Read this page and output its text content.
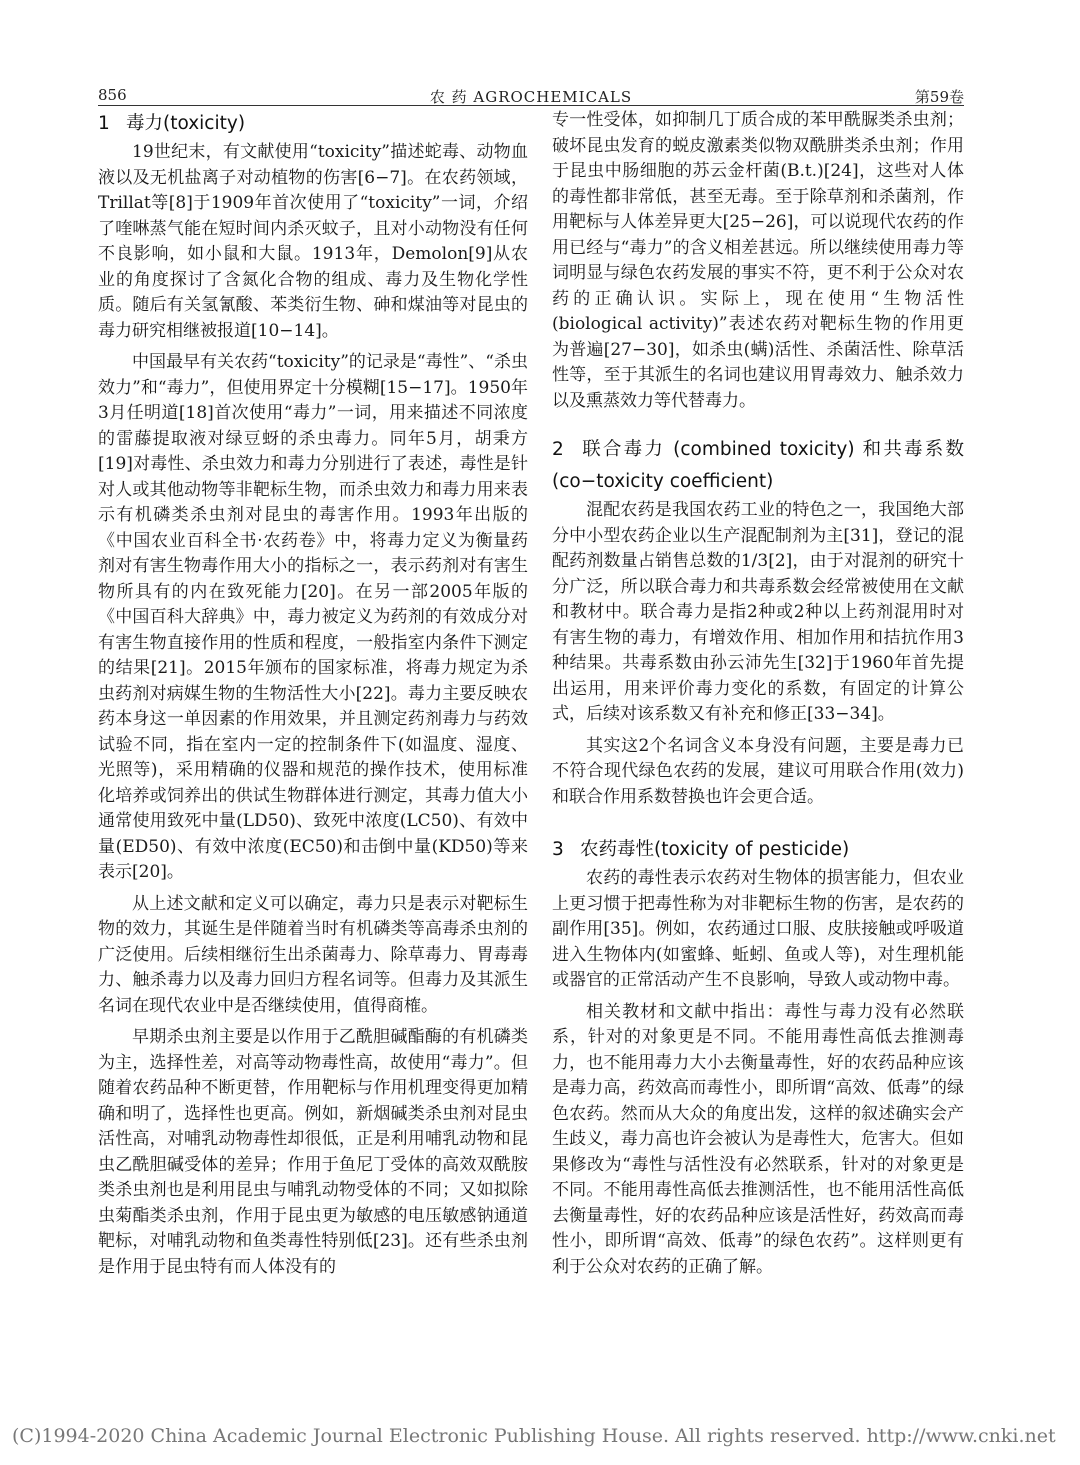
856	农 药 AGROCHEMICALS	第59卷
1 毒力(toxicity)

19世纪末，有文献使用“toxicity”描述蛇毒、动物血液以及无机盐离子对动植物的伤害[6−7]。在农药领域，Trillat等[8]于1909年首次使用了“toxicity”一词，介绍了喹啉蒸气能在短时间内杀灭蚊子，且对小动物没有任何不良影响，如小鼠和大鼠。1913年，Demolon[9]从农业的角度探讨了含氮化合物的组成、毒力及生物化学性质。随后有关氢氰酸、苯类衍生物、砷和煤油等对昆虫的毒力研究相继被报道[10−14]。

中国最早有关农药“toxicity”的记录是“毒性”、“杀虫效力”和“毒力”，但使用界定十分模糊[15−17]。1950年3月任明道[18]首次使用“毒力”一词，用来描述不同浓度的雷藤提取液对绿豆蚜的杀虫毒力。同年5月，胡秉方[19]对毒性、杀虫效力和毒力分别进行了表述，毒性是针对人或其他动物等非靶标生物，而杀虫效力和毒力用来表示有机磷类杀虫剂对昆虫的毒害作用。1993年出版的《中国农业百科全书·农药卷》中，将毒力定义为衡量药剂对有害生物毒作用大小的指标之一，表示药剂对有害生物所具有的内在致死能力[20]。在另一部2005年版的《中国百科大辞典》中，毒力被定义为药剂的有效成分对有害生物直接作用的性质和程度，一般指室内条件下测定的结果[21]。2015年颁布的国家标准，将毒力规定为杀虫药剂对病媒生物的生物活性大小[22]。毒力主要反映农药本身这一单因素的作用效果，并且测定药剂毒力与药效试验不同，指在室内一定的控制条件下(如温度、湿度、光照等)，采用精确的仪器和规范的操作技术，使用标准化培养或饲养出的供试生物群体进行测定，其毒力值大小通常使用致死中量(LD50)、致死中浓度(LC50)、有效中量(ED50)、有效中浓度(EC50)和击倒中量(KD50)等来表示[20]。

从上述文献和定义可以确定，毒力只是表示对靶标生物的效力，其诞生是伴随着当时有机磷类等高毒杀虫剂的广泛使用。后续相继衍生出杀菌毒力、除草毒力、胃毒毒力、触杀毒力以及毒力回归方程名词等。但毒力及其派生名词在现代农业中是否继续使用，值得商榷。

早期杀虫剂主要是以作用于乙酰胆碱酯酶的有机磷类为主，选择性差，对高等动物毒性高，故使用“毒力”。但随着农药品种不断更替，作用靶标与作用机理变得更加精确和明了，选择性也更高。例如，新烟碱类杀虫剂对昆虫活性高，对哺乳动物毒性却很低，正是利用哺乳动物和昆虫乙酰胆碱受体的差异；作用于鱼尼丁受体的高效双酰胺类杀虫剂也是利用昆虫与哺乳动物受体的不同；又如拟除虫菊酯类杀虫剂，作用于昆虫更为敏感的电压敏感钠通道靶标，对哺乳动物和鱼类毒性特别低[23]。还有些杀虫剂是作用于昆虫特有而人体没有的

专一性受体，如抑制几丁质合成的苯甲酰脲类杀虫剂；破坏昆虫发育的蜕皮激素类似物双酰肼类杀虫剂；作用于昆虫中肠细胞的苏云金杆菌(B.t.)[24]，这些对人体的毒性都非常低，甚至无毒。至于除草剂和杀菌剂，作用靶标与人体差异更大[25−26]，可以说现代农药的作用已经与“毒力”的含义相差甚远。所以继续使用毒力等词明显与绿色农药发展的事实不符，更不利于公众对农药的正确认识。实际上，现在使用“生物活性(biological activity)”表述农药对靶标生物的作用更为普遍[27−30]，如杀虫(螨)活性、杀菌活性、除草活性等，至于其派生的名词也建议用胃毒效力、触杀效力以及熏蒸效力等代替毒力。

2 联合毒力 (combined toxicity) 和共毒系数 (co−toxicity coefficient)

混配农药是我国农药工业的特色之一，我国绝大部分中小型农药企业以生产混配制剂为主[31]，登记的混配药剂数量占销售总数的1/3[2]，由于对混剂的研究十分广泛，所以联合毒力和共毒系数会经常被使用在文献和教材中。联合毒力是指2种或2种以上药剂混用时对有害生物的毒力，有增效作用、相加作用和拮抗作用3种结果。共毒系数由孙云沛先生[32]于1960年首先提出运用，用来评价毒力变化的系数，有固定的计算公式，后续对该系数又有补充和修正[33−34]。

其实这2个名词含义本身没有问题，主要是毒力已不符合现代绿色农药的发展，建议可用联合作用(效力)和联合作用系数替换也许会更合适。

3 农药毒性(toxicity of pesticide)

农药的毒性表示农药对生物体的损害能力，但农业上更习惯于把毒性称为对非靶标生物的伤害，是农药的副作用[35]。例如，农药通过口服、皮肤接触或呼吸道进入生物体内(如蜜蜂、蚯蚓、鱼或人等)，对生理机能或器官的正常活动产生不良影响，导致人或动物中毒。

相关教材和文献中指出：毒性与毒力没有必然联系，针对的对象更是不同。不能用毒性高低去推测毒力，也不能用毒力大小去衡量毒性，好的农药品种应该是毒力高，药效高而毒性小，即所谓“高效、低毒”的绿色农药。然而从大众的角度出发，这样的叙述确实会产生歧义，毒力高也许会被认为是毒性大，危害大。但如果修改为“毒性与活性没有必然联系，针对的对象更是不同。不能用毒性高低去推测活性，也不能用活性高低去衡量毒性，好的农药品种应该是活性好，药效高而毒性小，即所谓“高效、低毒”的绿色农药”。这样则更有利于公众对农药的正确了解。

(C)1994-2020 China Academic Journal Electronic Publishing House. All rights reserved. http://www.cnki.net
